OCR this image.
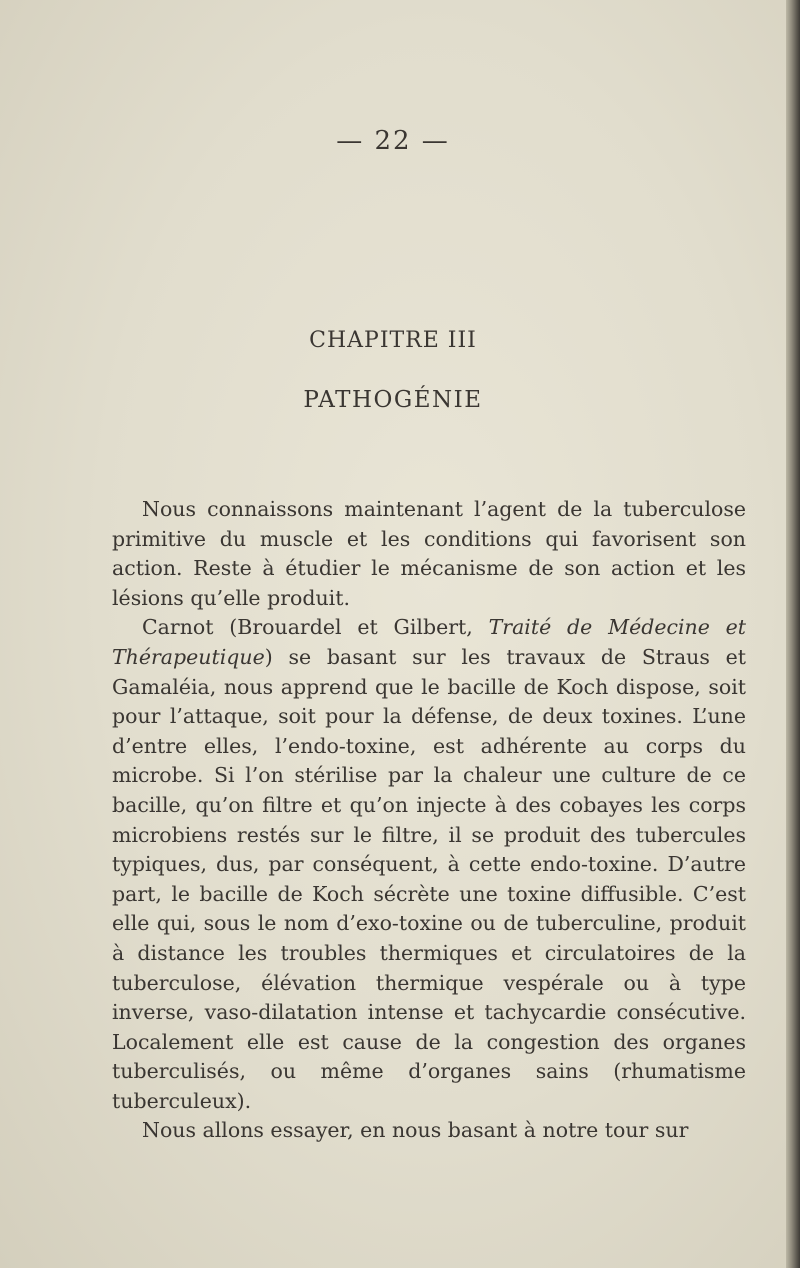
— 22 —
CHAPITRE III
PATHOGÉNIE

Nous connaissons maintenant l’agent de la tuberculose primitive du muscle et les conditions qui favorisent son action. Reste à étudier le mécanisme de son action et les lésions qu’elle produit.

Carnot (Brouardel et Gilbert, Traité de Médecine et Thérapeutique) se basant sur les travaux de Straus et Gamaléia, nous apprend que le bacille de Koch dispose, soit pour l’attaque, soit pour la défense, de deux toxines. L’une d’entre elles, l’endo-toxine, est adhérente au corps du microbe. Si l’on stérilise par la chaleur une culture de ce bacille, qu’on filtre et qu’on injecte à des cobayes les corps microbiens restés sur le filtre, il se produit des tubercules typiques, dus, par conséquent, à cette endo-toxine. D’autre part, le bacille de Koch sécrète une toxine diffusible. C’est elle qui, sous le nom d’exo-toxine ou de tuberculine, produit à distance les troubles thermiques et circulatoires de la tuberculose, élévation thermique vespérale ou à type inverse, vaso-dilatation intense et tachycardie consécutive. Localement elle est cause de la congestion des organes tuberculisés, ou même d’organes sains (rhumatisme tuberculeux).

Nous allons essayer, en nous basant à notre tour sur
